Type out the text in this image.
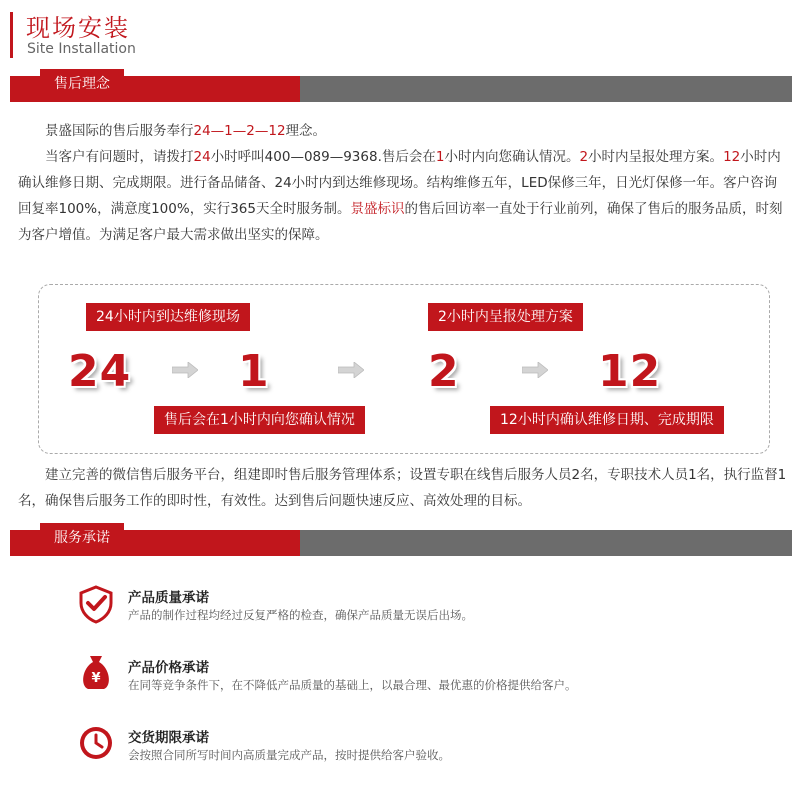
现场安装
Site Installation
售后理念

景盛国际的售后服务奉行24—1—2—12理念。

当客户有问题时，请拨打24小时呼叫400—089—9368.售后会在1小时内向您确认情况。2小时内呈报处理方案。12小时内确认维修日期、完成期限。进行备品储备、24小时内到达维修现场。结构维修五年，LED保修三年，日光灯保修一年。客户咨询回复率100%，满意度100%，实行365天全时服务制。景盛标识的售后回访率一直处于行业前列，确保了售后的服务品质，时刻为客户增值。为满足客户最大需求做出坚实的保障。

24小时内到达维修现场	2小时内呈报处理方案
售后会在1小时内向您确认情况	12小时内确认维修日期、完成期限
24 1	2	12

建立完善的微信售后服务平台，组建即时售后服务管理体系；设置专职在线售后服务人员2名，专职技术人员1名，执行监督1名，确保售后服务工作的即时性，有效性。达到售后问题快速反应、高效处理的目标。

服务承诺
产品质量承诺
产品的制作过程均经过反复严格的检查，确保产品质量无误后出场。
¥
产品价格承诺
在同等竞争条件下，在不降低产品质量的基础上，以最合理、最优惠的价格提供给客户。
交货期限承诺
会按照合同所写时间内高质量完成产品，按时提供给客户验收。
